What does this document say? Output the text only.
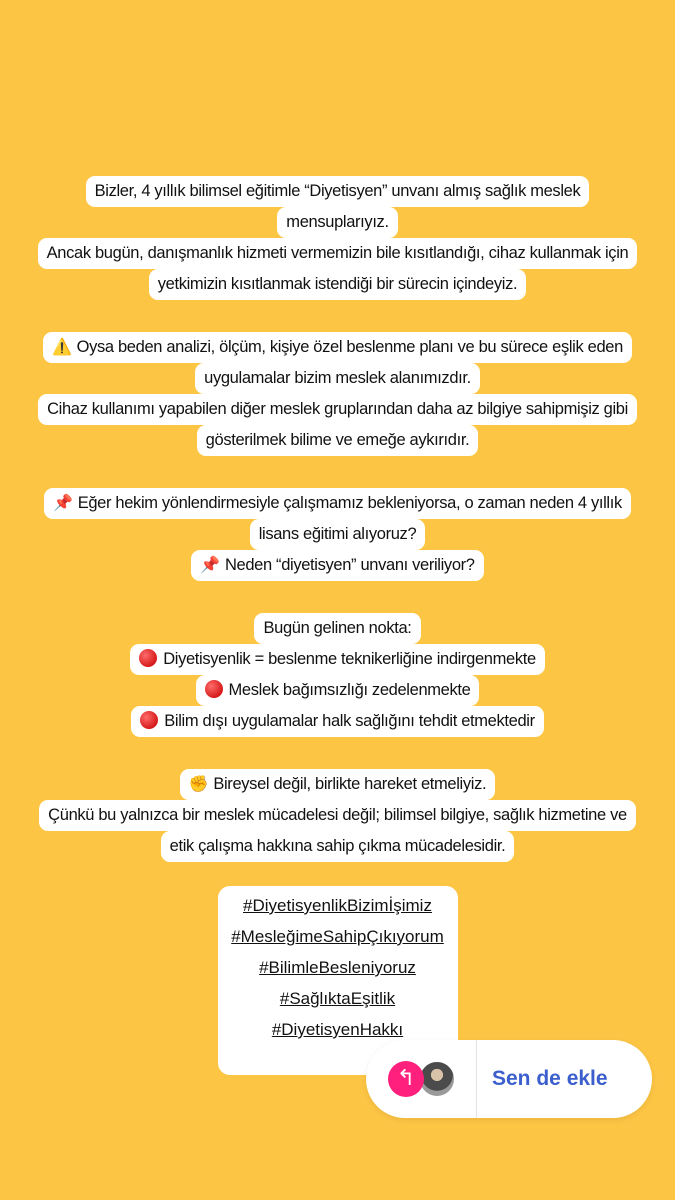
Bizler, 4 yıllık bilimsel eğitimle “Diyetisyen” unvanı almış sağlık meslek
mensuplarıyız.
Ancak bugün, danışmanlık hizmeti vermemizin bile kısıtlandığı, cihaz kullanmak için
yetkimizin kısıtlanmak istendiği bir sürecin içindeyiz.
⚠️ Oysa beden analizi, ölçüm, kişiye özel beslenme planı ve bu sürece eşlik eden
uygulamalar bizim meslek alanımızdır.
Cihaz kullanımı yapabilen diğer meslek gruplarından daha az bilgiye sahipmişiz gibi
gösterilmek bilime ve emeğe aykırıdır.
📌 Eğer hekim yönlendirmesiyle çalışmamız bekleniyorsa, o zaman neden 4 yıllık
lisans eğitimi alıyoruz?
📌 Neden “diyetisyen” unvanı veriliyor?
Bugün gelinen nokta:
Diyetisyenlik = beslenme teknikerliğine indirgenmekte
Meslek bağımsızlığı zedelenmekte
Bilim dışı uygulamalar halk sağlığını tehdit etmektedir
✊ Bireysel değil, birlikte hareket etmeliyiz.
Çünkü bu yalnızca bir meslek mücadelesi değil; bilimsel bilgiye, sağlık hizmetine ve
etik çalışma hakkına sahip çıkma mücadelesidir.
#DiyetisyenlikBizimİşimiz
#MesleğimeSahipÇıkıyorum
#BilimleBesleniyoruz
#SağlıktaEşitlik
#DiyetisyenHakkı
↰	Sen de ekle
